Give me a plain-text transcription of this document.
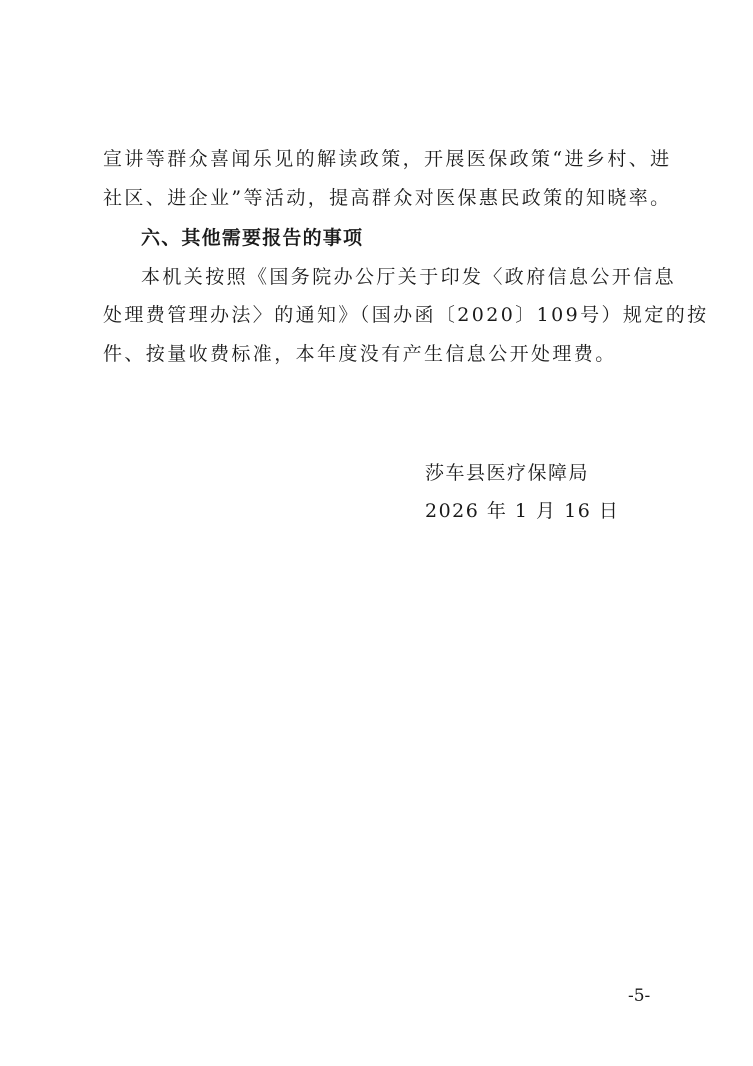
宣讲等群众喜闻乐见的解读政策，开展医保政策“进乡村、进
社区、进企业”等活动，提高群众对医保惠民政策的知晓率。
六、其他需要报告的事项
本机关按照《国务院办公厅关于印发〈政府信息公开信息
处理费管理办法〉的通知》（国办函〔2020〕109号）规定的按
件、按量收费标准，本年度没有产生信息公开处理费。
莎车县医疗保障局
2026 年 1 月 16 日
-5-
